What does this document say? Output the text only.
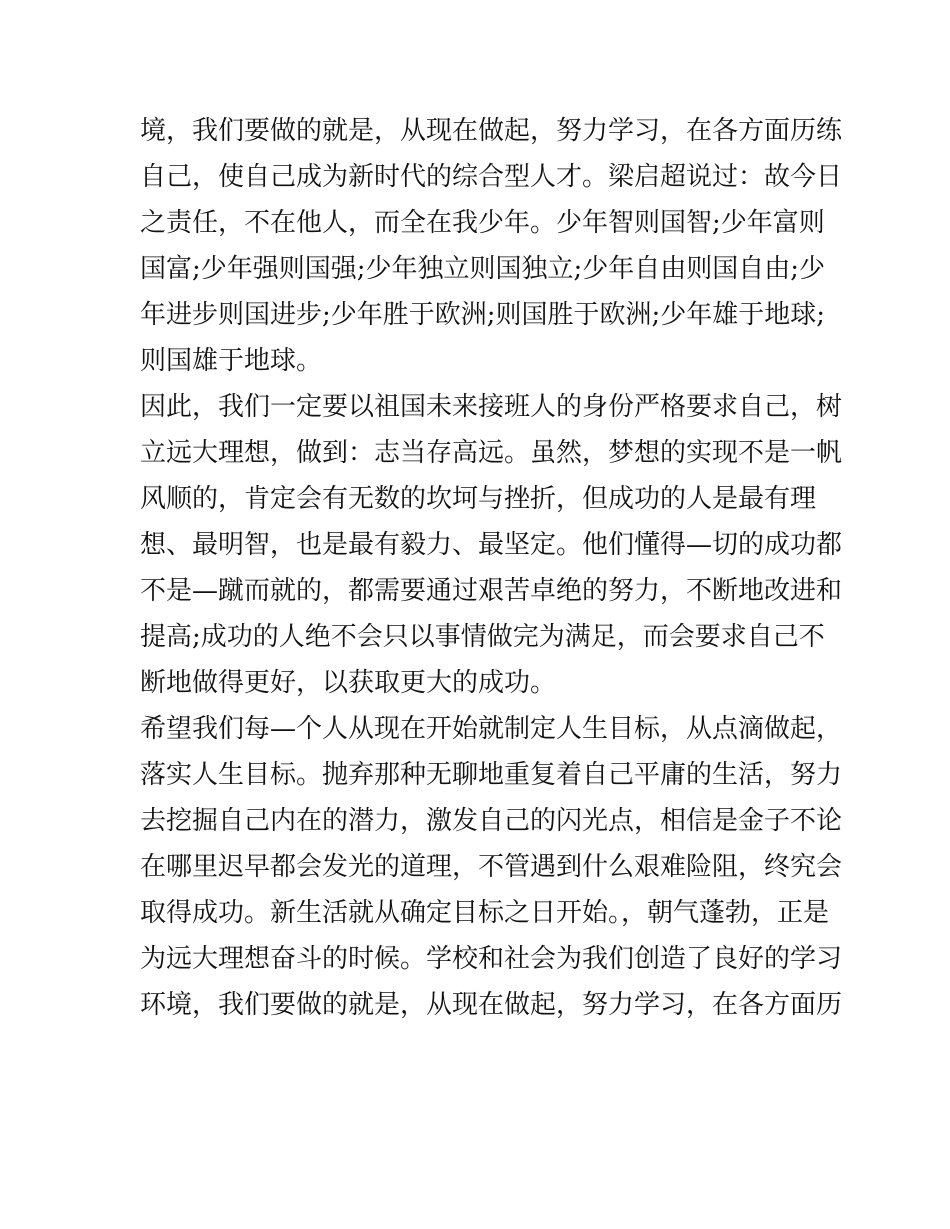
境，我们要做的就是，从现在做起，努力学习，在各方面历练
自己，使自己成为新时代的综合型人才。梁启超说过：故今日
之责任，不在他人，而全在我少年。少年智则国智;少年富则
国富;少年强则国强;少年独立则国独立;少年自由则国自由;少
年进步则国进步;少年胜于欧洲;则国胜于欧洲;少年雄于地球;
则国雄于地球。
因此，我们一定要以祖国未来接班人的身份严格要求自己，树
立远大理想，做到：志当存高远。虽然，梦想的实现不是一帆
风顺的，肯定会有无数的坎坷与挫折，但成功的人是最有理
想、最明智，也是最有毅力、最坚定。他们懂得—切的成功都
不是—蹴而就的，都需要通过艰苦卓绝的努力，不断地改进和
提高;成功的人绝不会只以事情做完为满足，而会要求自己不
断地做得更好，以获取更大的成功。
希望我们每—个人从现在开始就制定人生目标，从点滴做起，
落实人生目标。抛弃那种无聊地重复着自己平庸的生活，努力
去挖掘自己内在的潜力，激发自己的闪光点，相信是金子不论
在哪里迟早都会发光的道理，不管遇到什么艰难险阻，终究会
取得成功。新生活就从确定目标之日开始。，朝气蓬勃，正是
为远大理想奋斗的时候。学校和社会为我们创造了良好的学习
环境，我们要做的就是，从现在做起，努力学习，在各方面历
